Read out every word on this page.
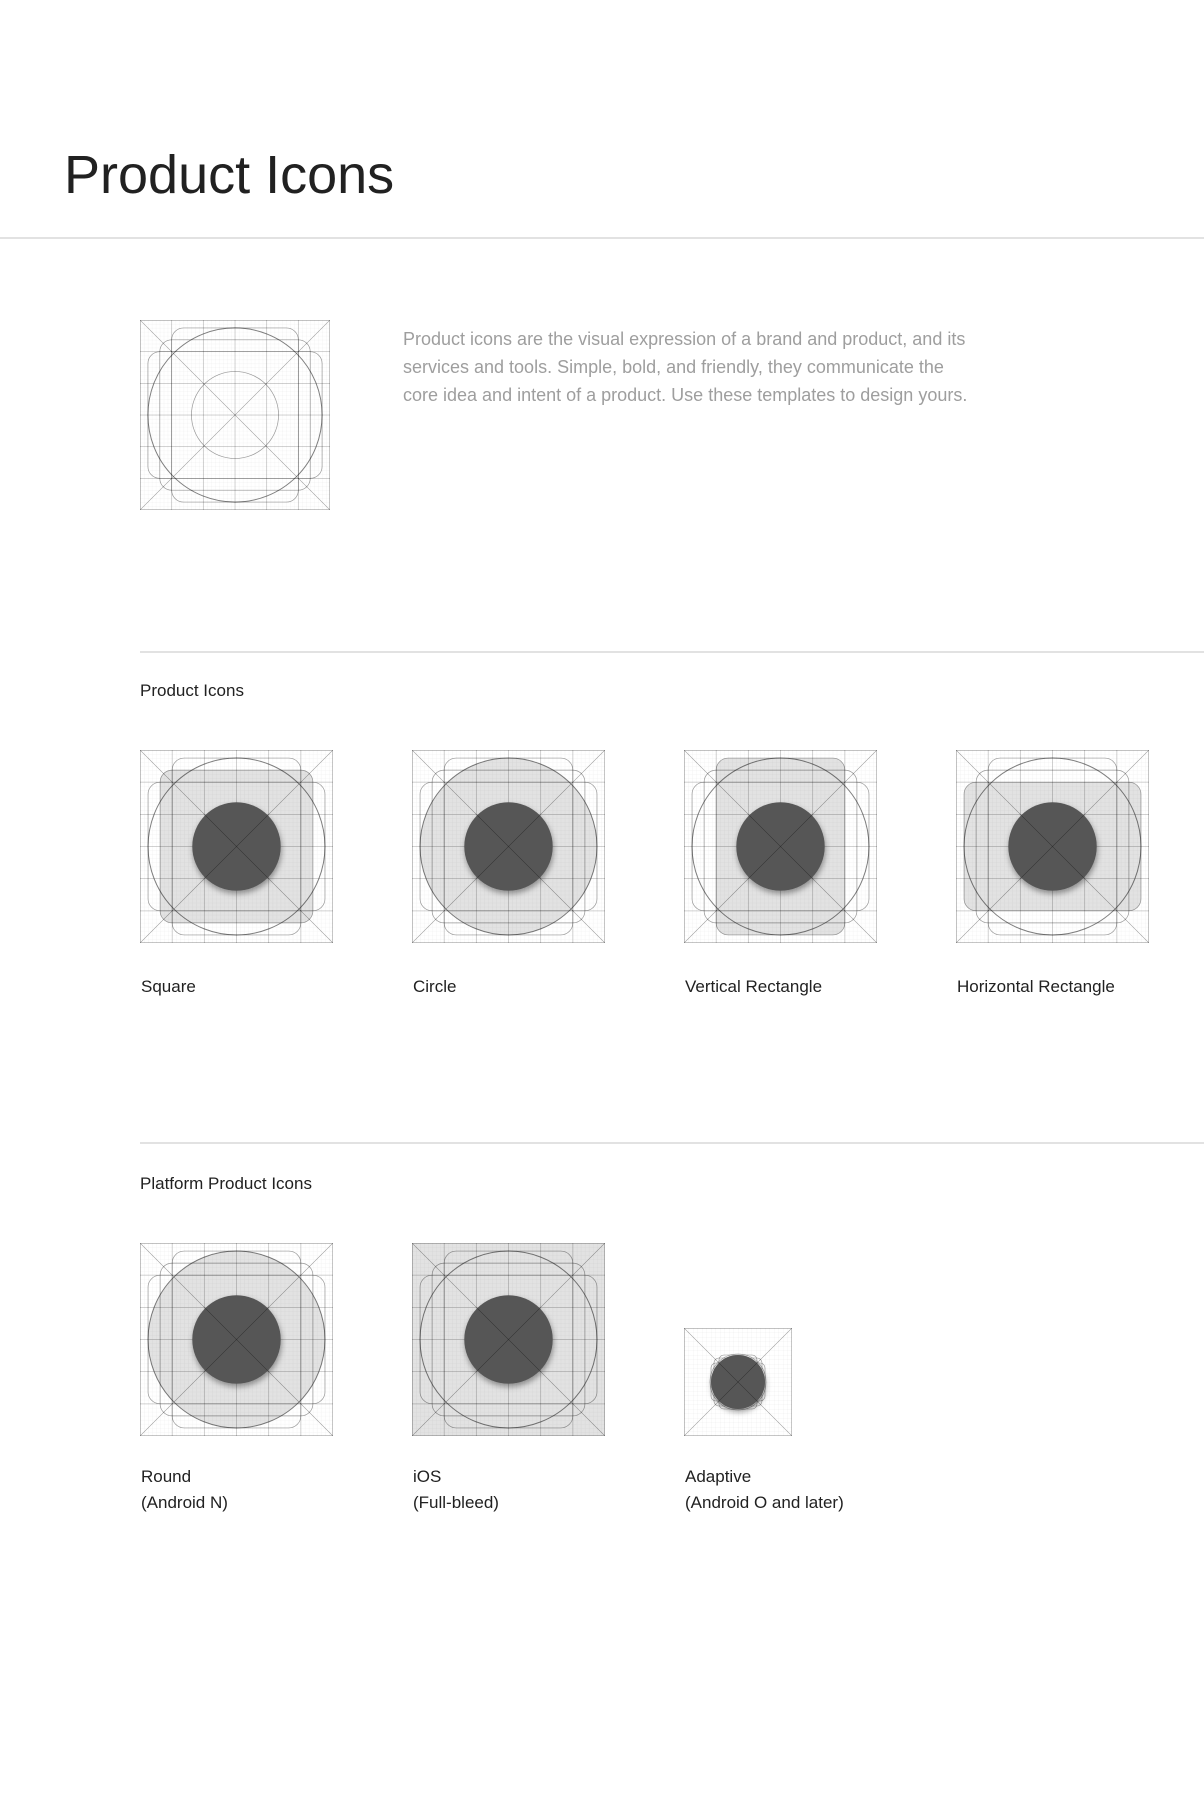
Product Icons
Product icons are the visual expression of a brand and product, and its
services and tools. Simple, bold, and friendly, they communicate the
core idea and intent of a product. Use these templates to design yours.
Product Icons
Square	Circle	Vertical Rectangle	Horizontal Rectangle
Platform Product Icons
Round
(Android N)
iOS
(Full-bleed)
Adaptive
(Android O and later)
